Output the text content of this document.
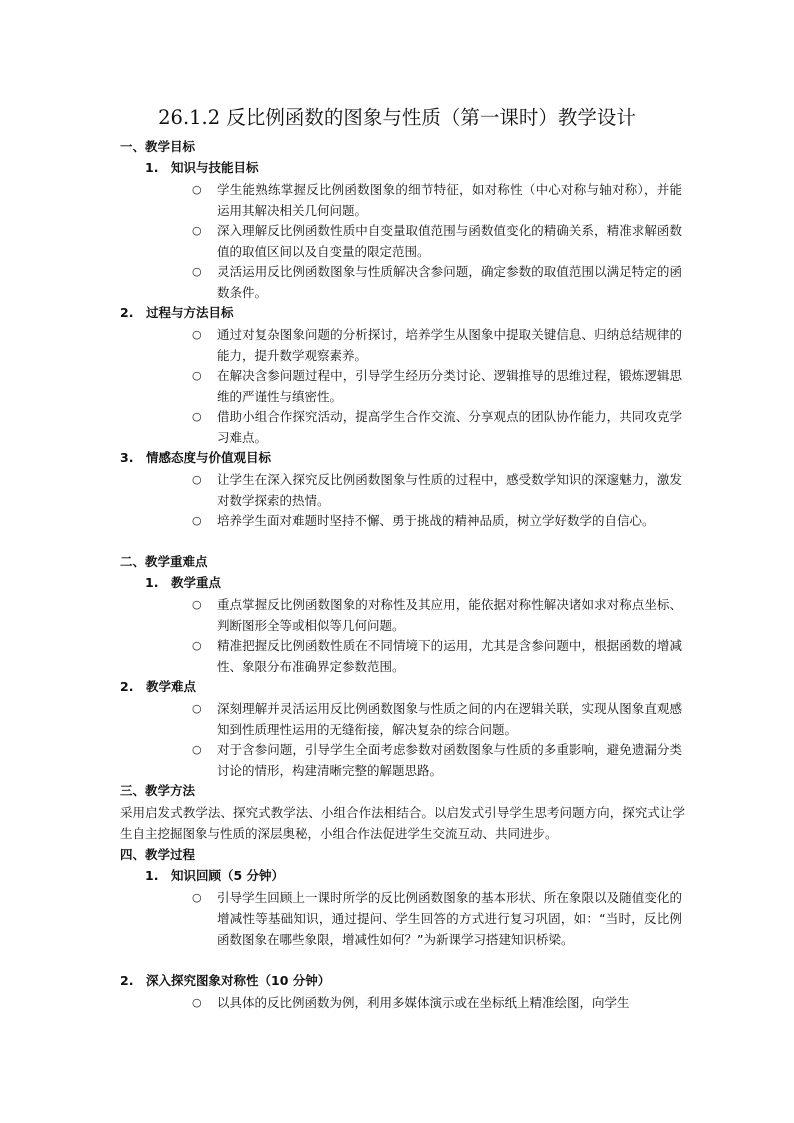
26.1.2 反比例函数的图象与性质（第一课时）教学设计
一、教学目标
1. 知识与技能目标
○ 学生能熟练掌握反比例函数图象的细节特征，如对称性（中心对称与轴对称），并能运用其解决相关几何问题。
○ 深入理解反比例函数性质中自变量取值范围与函数值变化的精确关系，精准求解函数值的取值区间以及自变量的限定范围。
○ 灵活运用反比例函数图象与性质解决含参问题，确定参数的取值范围以满足特定的函数条件。
2. 过程与方法目标
○ 通过对复杂图象问题的分析探讨，培养学生从图象中提取关键信息、归纳总结规律的能力，提升数学观察素养。
○ 在解决含参问题过程中，引导学生经历分类讨论、逻辑推导的思维过程，锻炼逻辑思维的严谨性与缜密性。
○ 借助小组合作探究活动，提高学生合作交流、分享观点的团队协作能力，共同攻克学习难点。
3. 情感态度与价值观目标
○ 让学生在深入探究反比例函数图象与性质的过程中，感受数学知识的深邃魅力，激发对数学探索的热情。
○ 培养学生面对难题时坚持不懈、勇于挑战的精神品质，树立学好数学的自信心。
二、教学重难点
1. 教学重点
○ 重点掌握反比例函数图象的对称性及其应用，能依据对称性解决诸如求对称点坐标、判断图形全等或相似等几何问题。
○ 精准把握反比例函数性质在不同情境下的运用，尤其是含参问题中，根据函数的增减性、象限分布准确界定参数范围。
2. 教学难点
○ 深刻理解并灵活运用反比例函数图象与性质之间的内在逻辑关联，实现从图象直观感知到性质理性运用的无缝衔接，解决复杂的综合问题。
○ 对于含参问题，引导学生全面考虑参数对函数图象与性质的多重影响，避免遗漏分类讨论的情形，构建清晰完整的解题思路。
三、教学方法
采用启发式教学法、探究式教学法、小组合作法相结合。以启发式引导学生思考问题方向，探究式让学生自主挖掘图象与性质的深层奥秘，小组合作法促进学生交流互动、共同进步。
四、教学过程
1. 知识回顾（5 分钟）
○ 引导学生回顾上一课时所学的反比例函数图象的基本形状、所在象限以及随值变化的增减性等基础知识，通过提问、学生回答的方式进行复习巩固，如：“当时，反比例函数图象在哪些象限，增减性如何？”为新课学习搭建知识桥梁。
2. 深入探究图象对称性（10 分钟）
○ 以具体的反比例函数为例，利用多媒体演示或在坐标纸上精准绘图，向学生
